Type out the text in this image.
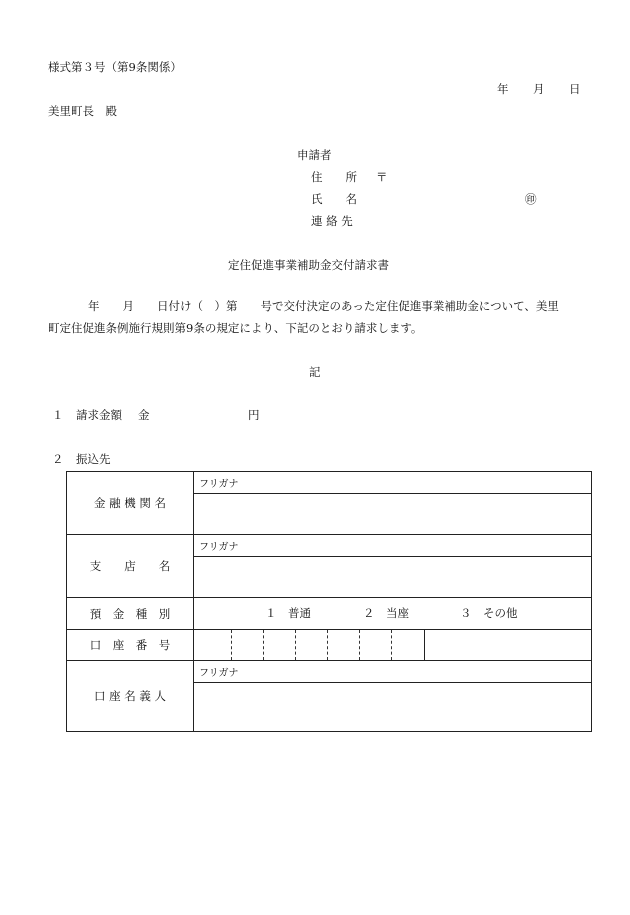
様式第３号（第9条関係）
年 月 日
美里町長　殿
申請者
住　　所 〒
氏　　名	㊞
連 絡 先
定住促進事業補助金交付請求書
年　　月　　日付け（　）第　　号で交付決定のあった定住促進事業補助金について、美里
町定住促進条例施行規則第9条の規定により、下記のとおり請求します。
記
１ 請求金額 金	円
２ 振込先
金 融 機 関 名	フリガナ

支　　店　　名	フリガナ

預　金　種　別	１　普通 ２　当座 ３　その他

口　座　番　号	

口 座 名 義 人	フリガナ
